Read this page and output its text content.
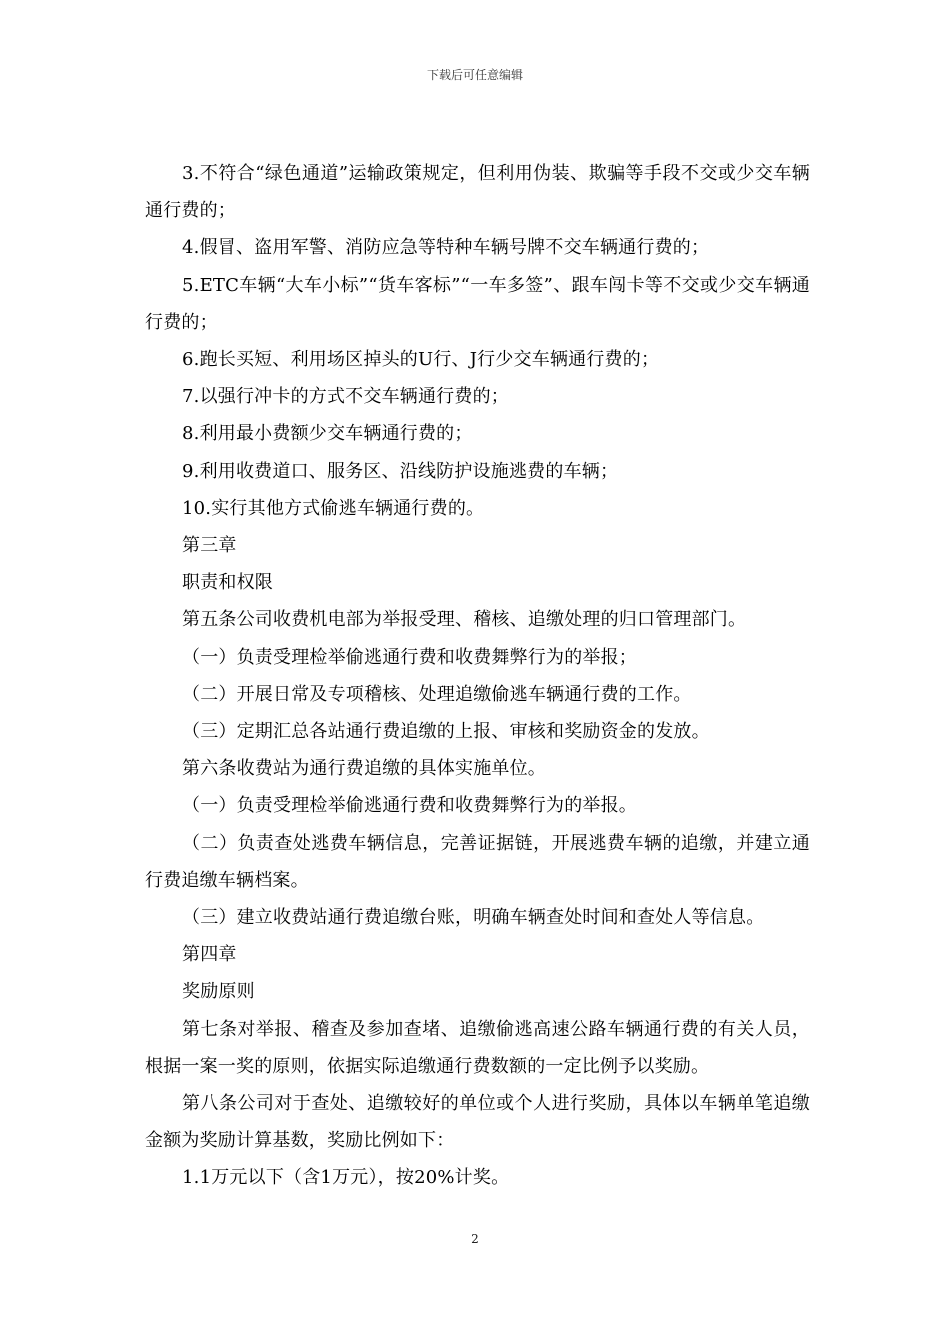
下载后可任意编辑

3.不符合“绿色通道”运输政策规定，但利用伪装、欺骗等手段不交或少交车辆通行费的；

4.假冒、盗用军警、消防应急等特种车辆号牌不交车辆通行费的；

5.ETC车辆“大车小标”“货车客标”“一车多签”、跟车闯卡等不交或少交车辆通行费的；

6.跑长买短、利用场区掉头的U行、J行少交车辆通行费的；

7.以强行冲卡的方式不交车辆通行费的；

8.利用最小费额少交车辆通行费的；

9.利用收费道口、服务区、沿线防护设施逃费的车辆；

10.实行其他方式偷逃车辆通行费的。

第三章

职责和权限

第五条公司收费机电部为举报受理、稽核、追缴处理的归口管理部门。

（一）负责受理检举偷逃通行费和收费舞弊行为的举报；

（二）开展日常及专项稽核、处理追缴偷逃车辆通行费的工作。

（三）定期汇总各站通行费追缴的上报、审核和奖励资金的发放。

第六条收费站为通行费追缴的具体实施单位。

（一）负责受理检举偷逃通行费和收费舞弊行为的举报。

（二）负责查处逃费车辆信息，完善证据链，开展逃费车辆的追缴，并建立通行费追缴车辆档案。

（三）建立收费站通行费追缴台账，明确车辆查处时间和查处人等信息。

第四章

奖励原则

第七条对举报、稽查及参加查堵、追缴偷逃高速公路车辆通行费的有关人员，根据一案一奖的原则，依据实际追缴通行费数额的一定比例予以奖励。

第八条公司对于查处、追缴较好的单位或个人进行奖励，具体以车辆单笔追缴金额为奖励计算基数，奖励比例如下：

1.1万元以下（含1万元），按20%计奖。

2
